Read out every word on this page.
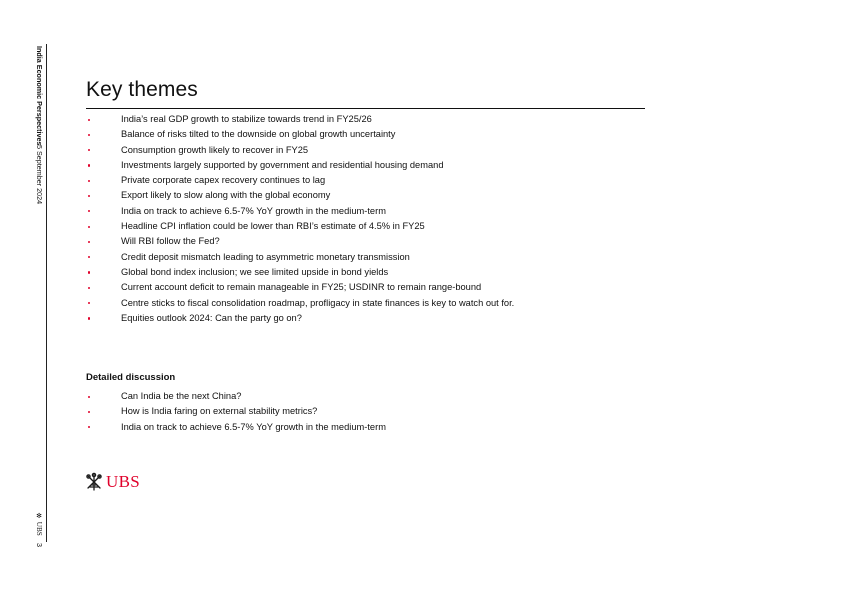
India Economic Perspectives5 September 2024
✻ UBS 3
Key themes
India’s real GDP growth to stabilize towards trend in FY25/26
Balance of risks tilted to the downside on global growth uncertainty
Consumption growth likely to recover in FY25
Investments largely supported by government and residential housing demand
Private corporate capex recovery continues to lag
Export likely to slow along with the global economy
India on track to achieve 6.5-7% YoY growth in the medium-term
Headline CPI inflation could be lower than RBI’s estimate of 4.5% in FY25
Will RBI follow the Fed?
Credit deposit mismatch leading to asymmetric monetary transmission
Global bond index inclusion; we see limited upside in bond yields
Current account deficit to remain manageable in FY25; USDINR to remain range-bound
Centre sticks to fiscal consolidation roadmap, profligacy in state finances is key to watch out for.
Equities outlook 2024: Can the party go on?
Detailed discussion
Can India be the next China?
How is India faring on external stability metrics?
India on track to achieve 6.5-7% YoY growth in the medium-term
UBS
